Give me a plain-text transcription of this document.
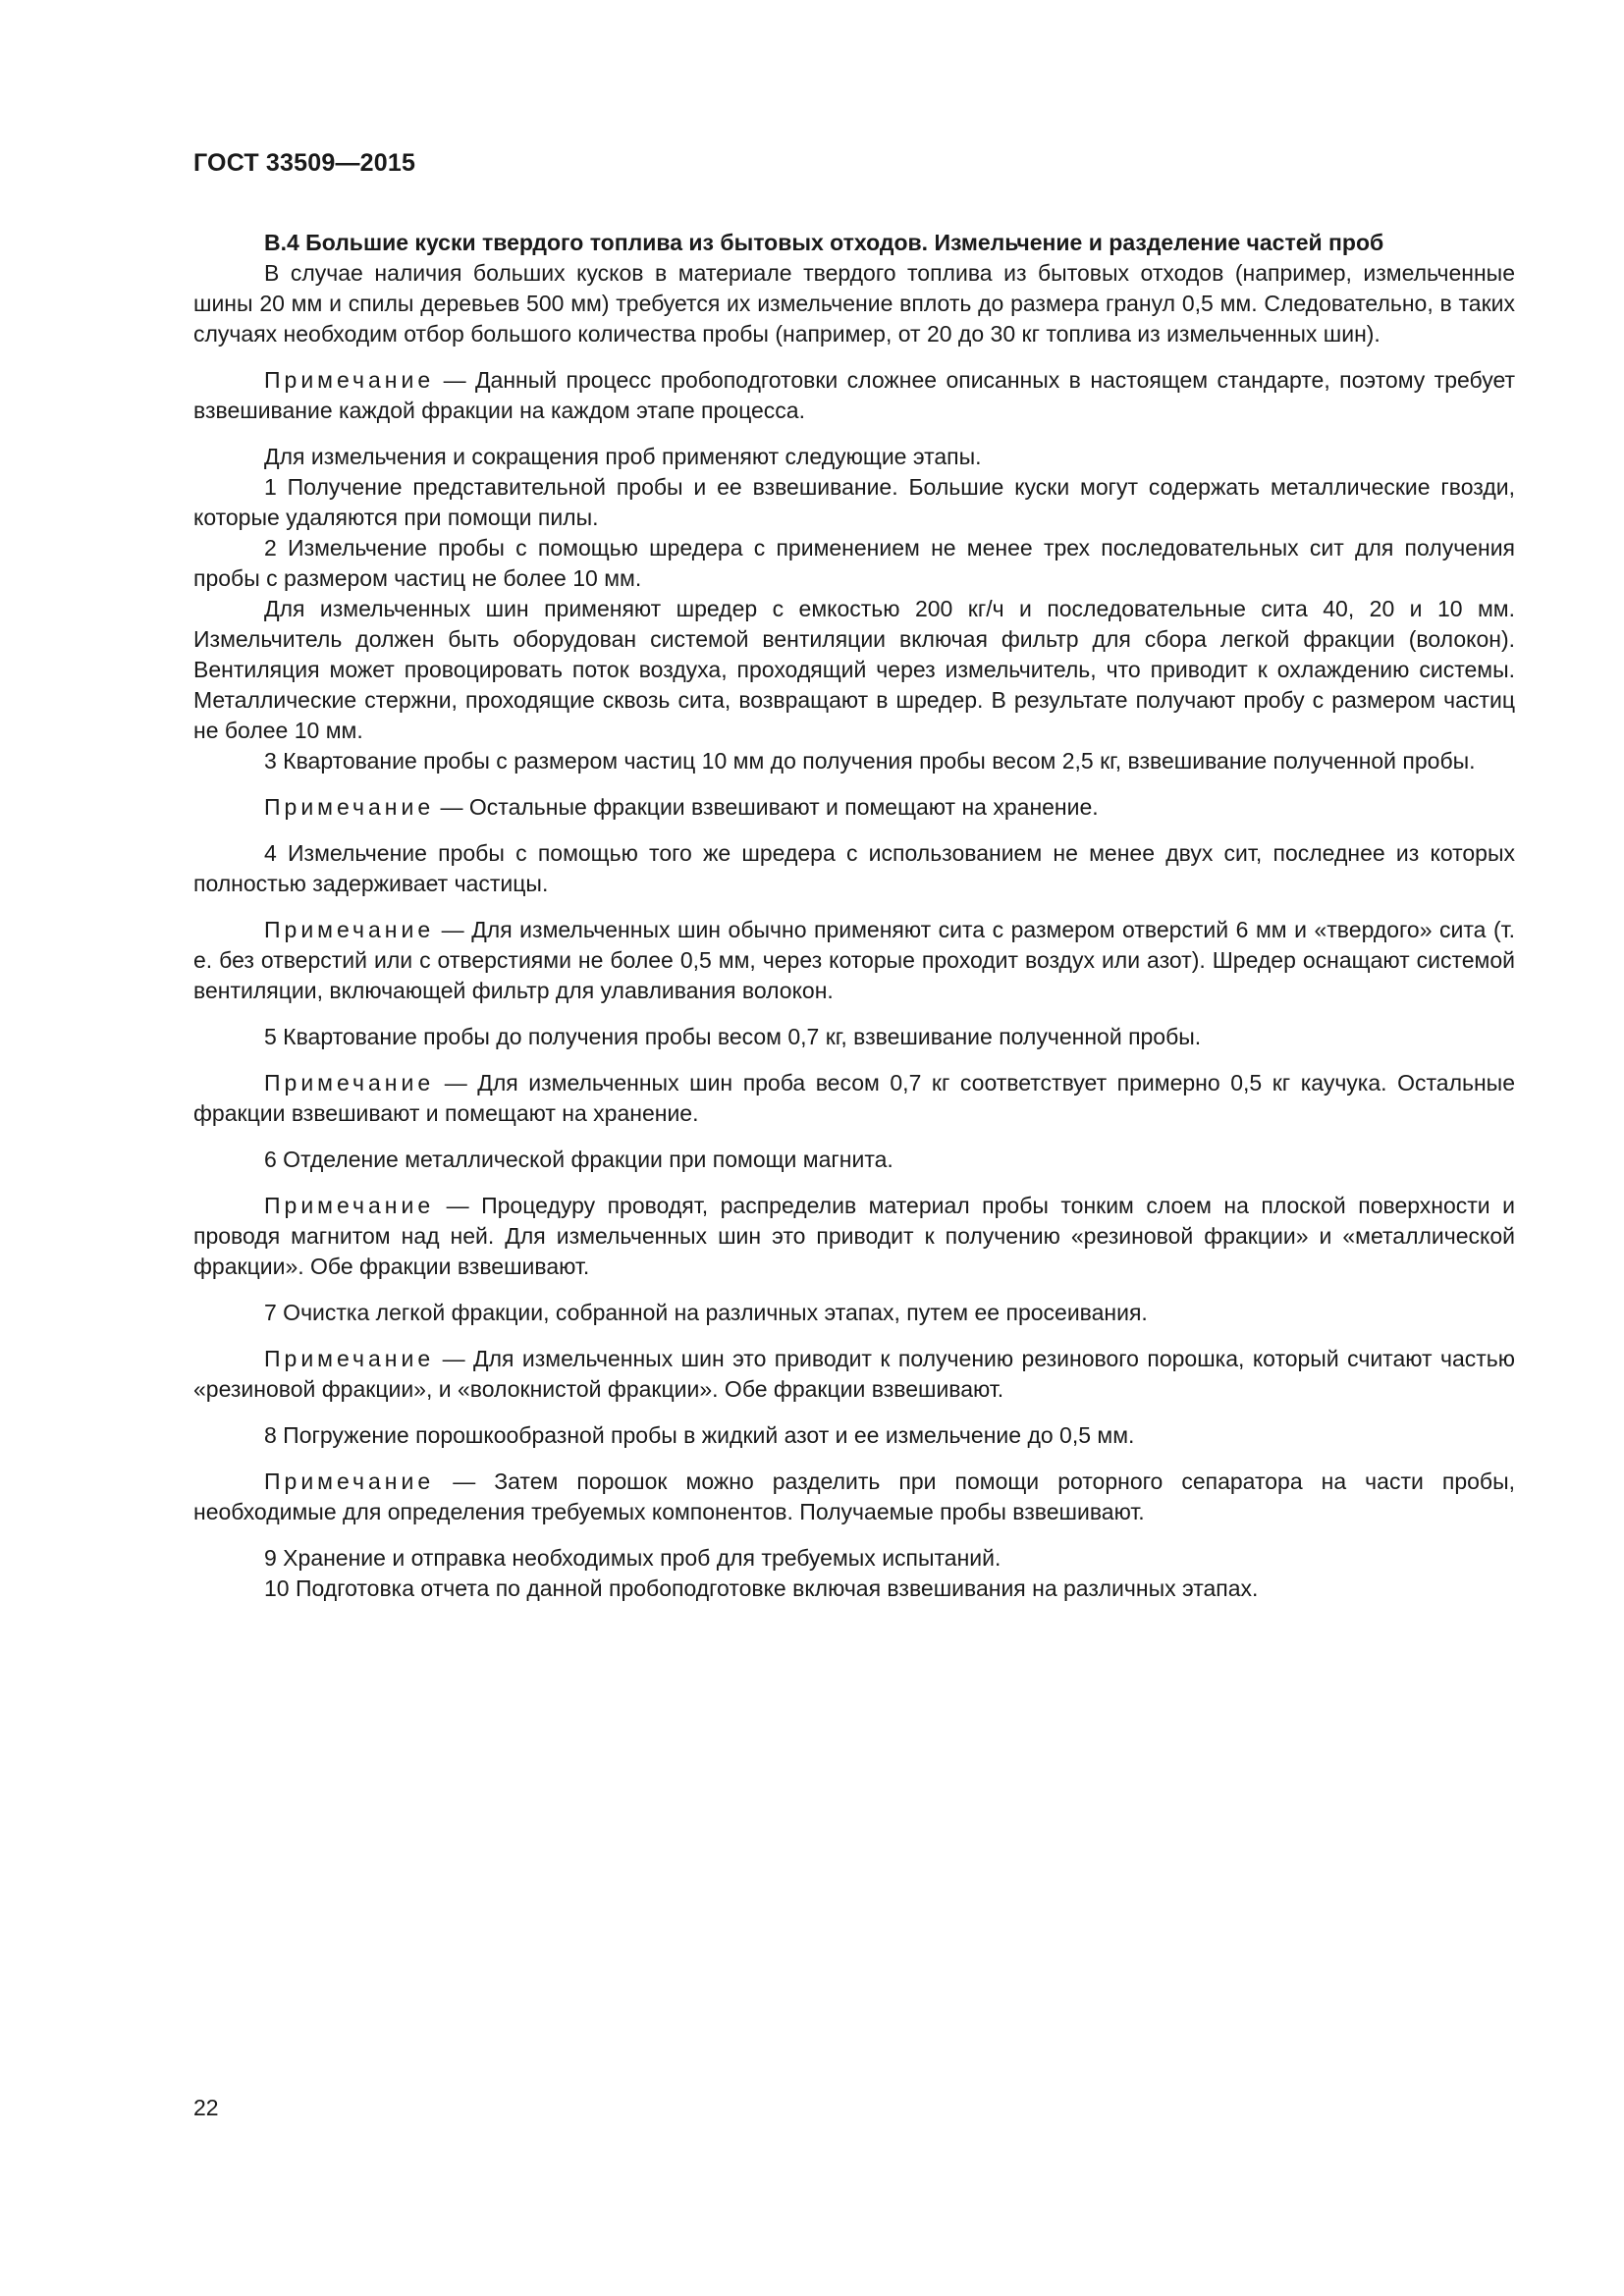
ГОСТ 33509—2015

В.4 Большие куски твердого топлива из бытовых отходов. Измельчение и разделение частей проб

В случае наличия больших кусков в материале твердого топлива из бытовых отходов (например, измельченные шины 20 мм и спилы деревьев 500 мм) требуется их измельчение вплоть до размера гранул 0,5 мм. Следовательно, в таких случаях необходим отбор большого количества пробы (например, от 20 до 30 кг топлива из измельченных шин).

Примечание — Данный процесс пробоподготовки сложнее описанных в настоящем стандарте, поэтому требует взвешивание каждой фракции на каждом этапе процесса.

Для измельчения и сокращения проб применяют следующие этапы.

1 Получение представительной пробы и ее взвешивание. Большие куски могут содержать металлические гвозди, которые удаляются при помощи пилы.

2 Измельчение пробы с помощью шредера с применением не менее трех последовательных сит для получения пробы с размером частиц не более 10 мм.

Для измельченных шин применяют шредер с емкостью 200 кг/ч и последовательные сита 40, 20 и 10 мм. Измельчитель должен быть оборудован системой вентиляции включая фильтр для сбора легкой фракции (волокон). Вентиляция может провоцировать поток воздуха, проходящий через измельчитель, что приводит к охлаждению системы. Металлические стержни, проходящие сквозь сита, возвращают в шредер. В результате получают пробу с размером частиц не более 10 мм.

3 Квартование пробы с размером частиц 10 мм до получения пробы весом 2,5 кг, взвешивание полученной пробы.

Примечание — Остальные фракции взвешивают и помещают на хранение.

4 Измельчение пробы с помощью того же шредера с использованием не менее двух сит, последнее из которых полностью задерживает частицы.

Примечание — Для измельченных шин обычно применяют сита с размером отверстий 6 мм и «твердого» сита (т. е. без отверстий или с отверстиями не более 0,5 мм, через которые проходит воздух или азот). Шредер оснащают системой вентиляции, включающей фильтр для улавливания волокон.

5 Квартование пробы до получения пробы весом 0,7 кг, взвешивание полученной пробы.

Примечание — Для измельченных шин проба весом 0,7 кг соответствует примерно 0,5 кг каучука. Остальные фракции взвешивают и помещают на хранение.

6 Отделение металлической фракции при помощи магнита.

Примечание — Процедуру проводят, распределив материал пробы тонким слоем на плоской поверхности и проводя магнитом над ней. Для измельченных шин это приводит к получению «резиновой фракции» и «металлической фракции». Обе фракции взвешивают.

7 Очистка легкой фракции, собранной на различных этапах, путем ее просеивания.

Примечание — Для измельченных шин это приводит к получению резинового порошка, который считают частью «резиновой фракции», и «волокнистой фракции». Обе фракции взвешивают.

8 Погружение порошкообразной пробы в жидкий азот и ее измельчение до 0,5 мм.

Примечание — Затем порошок можно разделить при помощи роторного сепаратора на части пробы, необходимые для определения требуемых компонентов. Получаемые пробы взвешивают.

9 Хранение и отправка необходимых проб для требуемых испытаний.

10 Подготовка отчета по данной пробоподготовке включая взвешивания на различных этапах.

22
